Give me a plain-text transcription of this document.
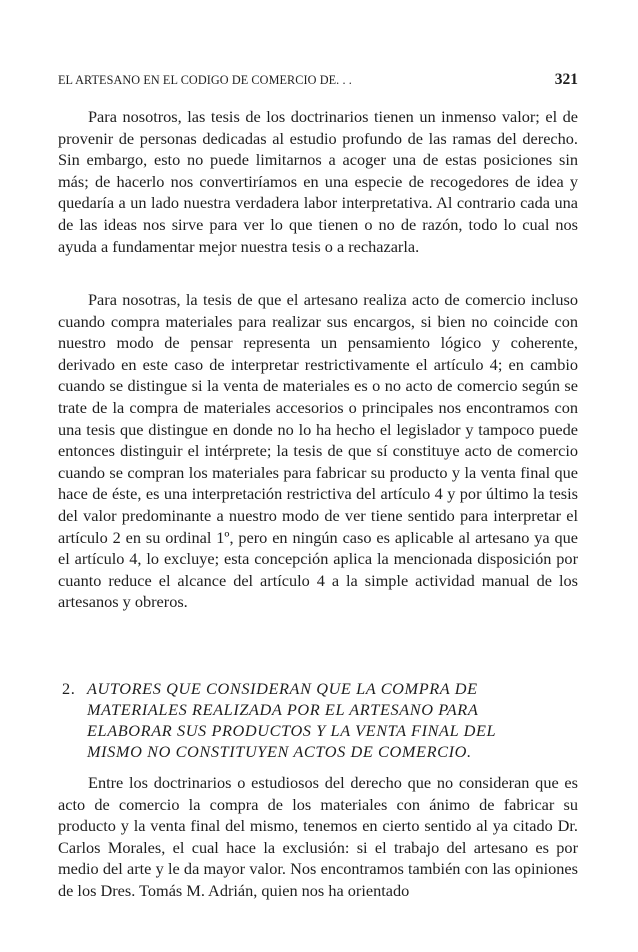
EL ARTESANO EN EL CODIGO DE COMERCIO DE. . .	321

Para nosotros, las tesis de los doctrinarios tienen un inmenso valor; el de provenir de personas dedicadas al estudio profundo de las ramas del derecho. Sin embargo, esto no puede limitarnos a acoger una de estas posiciones sin más; de hacerlo nos convertiríamos en una especie de recogedores de idea y quedaría a un lado nuestra verdadera labor interpretativa. Al contrario cada una de las ideas nos sirve para ver lo que tienen o no de razón, todo lo cual nos ayuda a fundamentar mejor nuestra tesis o a rechazarla.

Para nosotras, la tesis de que el artesano realiza acto de comercio incluso cuando compra materiales para realizar sus encargos, si bien no coincide con nuestro modo de pensar representa un pensamiento lógico y coherente, derivado en este caso de interpretar restrictivamente el artículo 4; en cambio cuando se distingue si la venta de materiales es o no acto de comercio según se trate de la compra de materiales accesorios o principales nos encontramos con una tesis que distingue en donde no lo ha hecho el legislador y tampoco puede entonces distinguir el intérprete; la tesis de que sí constituye acto de comercio cuando se compran los materiales para fabricar su producto y la venta final que hace de éste, es una interpretación restrictiva del artículo 4 y por último la tesis del valor predominante a nuestro modo de ver tiene sentido para interpretar el artículo 2 en su ordinal 1º, pero en ningún caso es aplicable al artesano ya que el artículo 4, lo excluye; esta concepción aplica la mencionada disposición por cuanto reduce el alcance del artículo 4 a la simple actividad manual de los artesanos y obreros.

2. AUTORES QUE CONSIDERAN QUE LA COMPRA DE
MATERIALES REALIZADA POR EL ARTESANO PARA
ELABORAR SUS PRODUCTOS Y LA VENTA FINAL DEL
MISMO NO CONSTITUYEN ACTOS DE COMERCIO.

Entre los doctrinarios o estudiosos del derecho que no consideran que es acto de comercio la compra de los materiales con ánimo de fabricar su producto y la venta final del mismo, tenemos en cierto sentido al ya citado Dr. Carlos Morales, el cual hace la exclusión: si el trabajo del artesano es por medio del arte y le da mayor valor. Nos encontramos también con las opiniones de los Dres. Tomás M. Adrián, quien nos ha orientado
